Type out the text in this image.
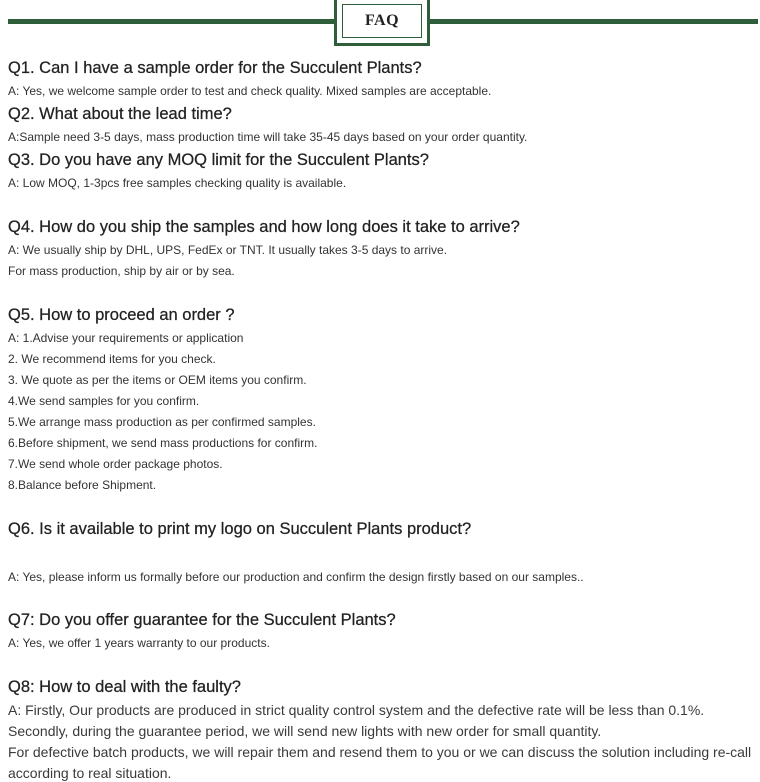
FAQ
Q1. Can I have a sample order for the Succulent Plants?

A: Yes, we welcome sample order to test and check quality. Mixed samples are acceptable.

Q2. What about the lead time?

A:Sample need 3-5 days, mass production time will take 35-45 days based on your order quantity.

Q3. Do you have any MOQ limit for the Succulent Plants?

A: Low MOQ, 1-3pcs free samples checking quality is available.

Q4. How do you ship the samples and how long does it take to arrive?

A: We usually ship by DHL, UPS, FedEx or TNT. It usually takes 3-5 days to arrive.

For mass production, ship by air or by sea.

Q5. How to proceed an order ?

A: 1.Advise your requirements or application

2. We recommend items for you check.

3. We quote as per the items or OEM items you confirm.

4.We send samples for you confirm.

5.We arrange mass production as per confirmed samples.

6.Before shipment, we send mass productions for confirm.

7.We send whole order package photos.

8.Balance before Shipment.

Q6. Is it available to print my logo on Succulent Plants product?

A: Yes, please inform us formally before our production and confirm the design firstly based on our samples..

Q7: Do you offer guarantee for the Succulent Plants?

A: Yes, we offer 1 years warranty to our products.

Q8: How to deal with the faulty?

A: Firstly, Our products are produced in strict quality control system and the defective rate will be less than 0.1%.

Secondly, during the guarantee period, we will send new lights with new order for small quantity.

For defective batch products, we will repair them and resend them to you or we can discuss the solution including re-call

according to real situation.
